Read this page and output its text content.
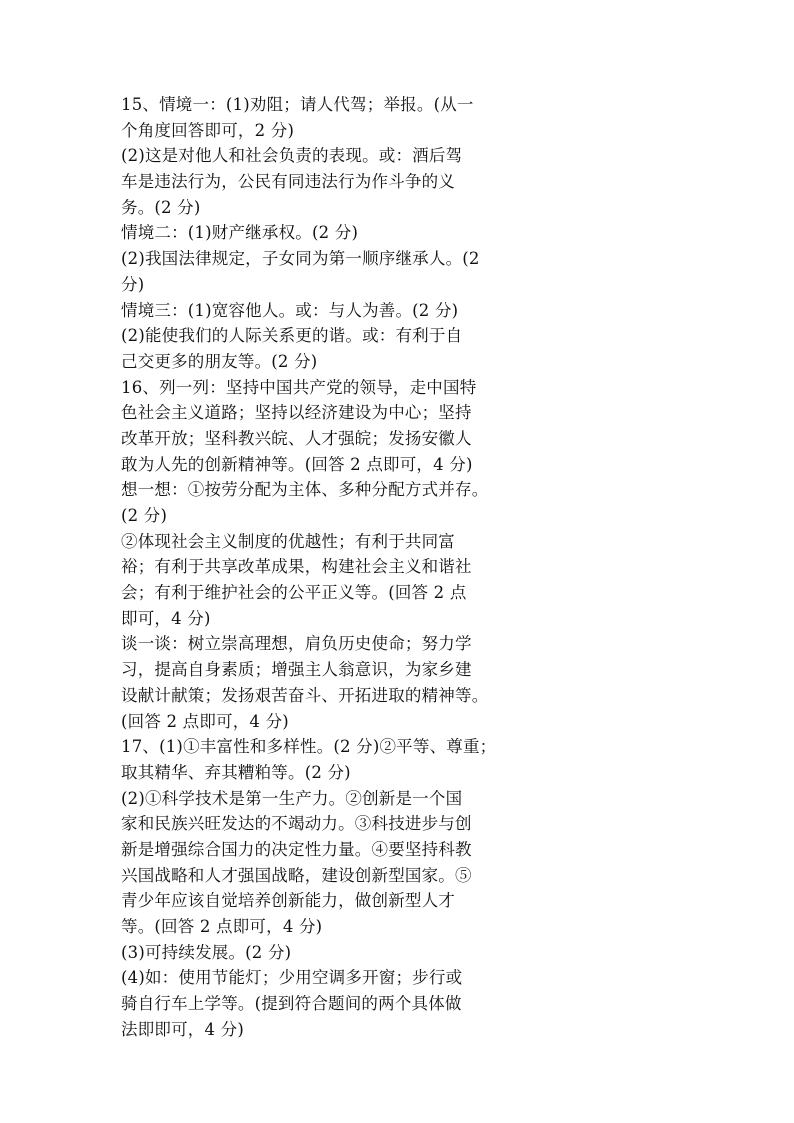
15、情境一：(1)劝阻；请人代驾；举报。(从一
个角度回答即可，2 分)
(2)这是对他人和社会负责的表现。或：酒后驾
车是违法行为，公民有同违法行为作斗争的义
务。(2 分)
情境二：(1)财产继承权。(2 分)
(2)我国法律规定，子女同为第一顺序继承人。(2
分)
情境三：(1)宽容他人。或：与人为善。(2 分)
(2)能使我们的人际关系更的谐。或：有利于自
己交更多的朋友等。(2 分)
16、列一列：坚持中国共产党的领导，走中国特
色社会主义道路；坚持以经济建设为中心；坚持
改革开放；坚科教兴皖、人才强皖；发扬安徽人
敢为人先的创新精神等。(回答 2 点即可，4 分)
想一想：①按劳分配为主体、多种分配方式并存。
(2 分)
②体现社会主义制度的优越性；有利于共同富
裕；有利于共享改革成果，构建社会主义和谐社
会；有利于维护社会的公平正义等。(回答 2 点
即可，4 分)
谈一谈：树立崇高理想，肩负历史使命；努力学
习，提高自身素质；增强主人翁意识，为家乡建
设献计献策；发扬艰苦奋斗、开拓进取的精神等。
(回答 2 点即可，4 分)
17、(1)①丰富性和多样性。(2 分)②平等、尊重；
取其精华、弃其糟粕等。(2 分)
(2)①科学技术是第一生产力。②创新是一个国
家和民族兴旺发达的不竭动力。③科技进步与创
新是增强综合国力的决定性力量。④要坚持科教
兴国战略和人才强国战略，建设创新型国家。⑤
青少年应该自觉培养创新能力，做创新型人才
等。(回答 2 点即可，4 分)
(3)可持续发展。(2 分)
(4)如：使用节能灯；少用空调多开窗；步行或
骑自行车上学等。(提到符合题间的两个具体做
法即即可，4 分)
